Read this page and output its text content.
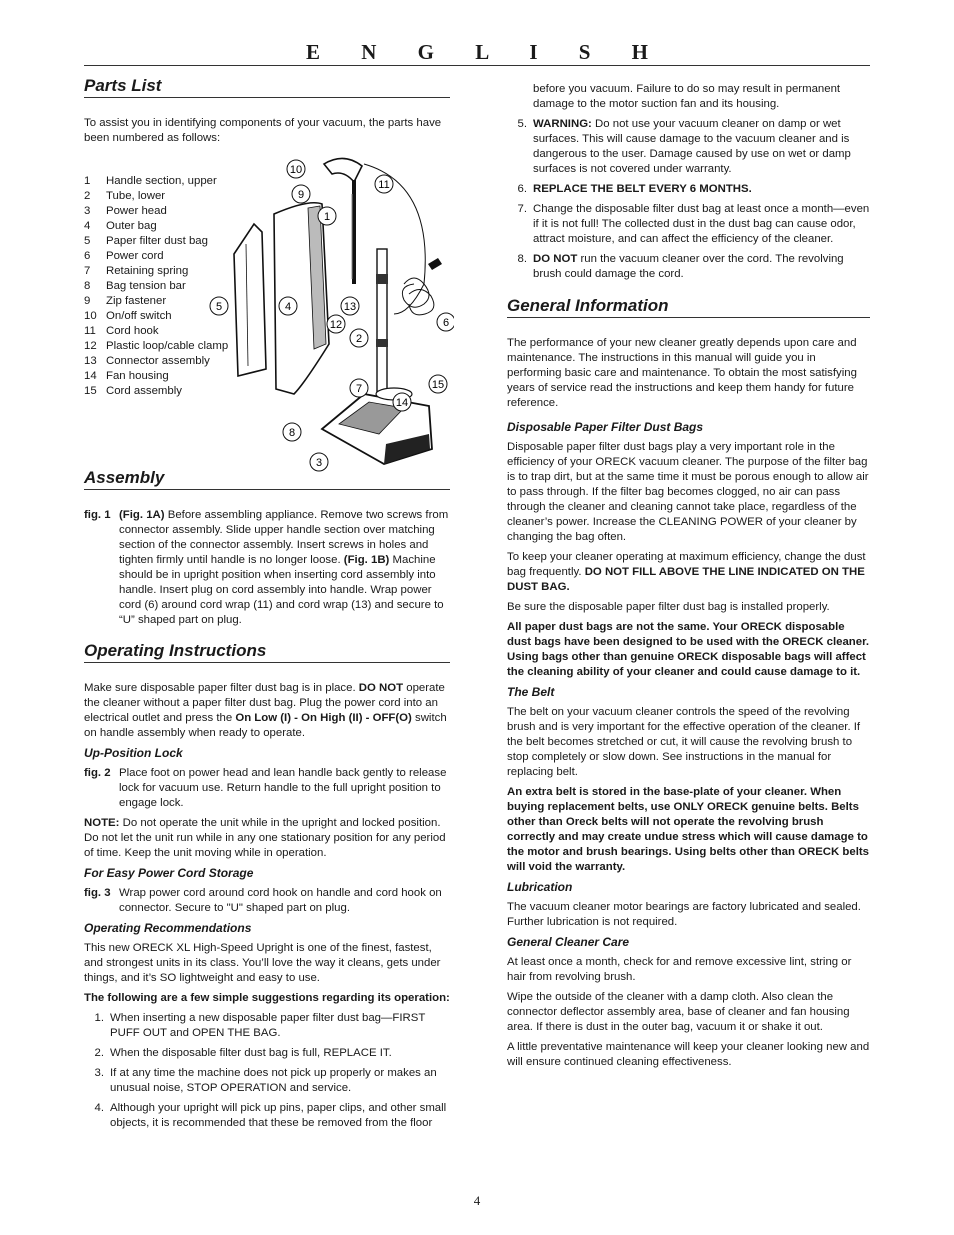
E N G L I S H
Parts List

To assist you in identifying components of your vacuum, the parts have been numbered as follows:

1	Handle section, upper
2	Tube, lower
3	Power head
4	Outer bag
5	Paper filter dust bag
6	Power cord
7	Retaining spring
8	Bag tension bar
9	Zip fastener
10 On/off switch
11 Cord hook
12 Plastic loop/cable clamp
13 Connector assembly
14 Fan housing
15 Cord assembly
1
2
3
4
5
6
7
8
9
10
11
12
13
14
15
Assembly
fig. 1 (Fig. 1A) Before assembling appliance. Remove two screws from connector assembly. Slide upper handle section over matching section of the connector assembly. Insert screws in holes and tighten firmly until handle is no longer loose. (Fig. 1B) Machine should be in upright position when inserting cord assembly into handle. Insert plug on cord assembly into handle. Wrap power cord (6) around cord wrap (11) and cord wrap (13) and secure to “U” shaped part on plug.
Operating Instructions

Make sure disposable paper filter dust bag is in place. DO NOT operate the cleaner without a paper filter dust bag. Plug the power cord into an electrical outlet and press the On Low (I) - On High (II) - OFF(O) switch on handle assembly when ready to operate.

Up-Position Lock
fig. 2 Place foot on power head and lean handle back gently to release lock for vacuum use. Return handle to the full upright position to engage lock.

NOTE: Do not operate the unit while in the upright and locked position. Do not let the unit run while in any one stationary position for any period of time. Keep the unit moving while in operation.

For Easy Power Cord Storage
fig. 3 Wrap power cord around cord hook on handle and cord hook on connector. Secure to "U" shaped part on plug.
Operating Recommendations

This new ORECK XL High-Speed Upright is one of the finest, fastest, and strongest units in its class. You’ll love the way it cleans, gets under things, and it’s SO lightweight and easy to use.

The following are a few simple suggestions regarding its operation:

1. When inserting a new disposable paper filter dust bag—FIRST PUFF OUT and OPEN THE BAG.
2. When the disposable filter dust bag is full, REPLACE IT.
3. If at any time the machine does not pick up properly or makes an unusual noise, STOP OPERATION and service.
4. Although your upright will pick up pins, paper clips, and other small objects, it is recommended that these be removed from the floor
before you vacuum. Failure to do so may result in permanent damage to the motor suction fan and its housing.
5. WARNING: Do not use your vacuum cleaner on damp or wet surfaces. This will cause damage to the vacuum cleaner and is dangerous to the user. Damage caused by use on wet or damp surfaces is not covered under warranty.
6. REPLACE THE BELT EVERY 6 MONTHS.
7. Change the disposable filter dust bag at least once a month—even if it is not full! The collected dust in the dust bag can cause odor, attract moisture, and can affect the efficiency of the cleaner.
8. DO NOT run the vacuum cleaner over the cord. The revolving brush could damage the cord.
General Information

The performance of your new cleaner greatly depends upon care and maintenance. The instructions in this manual will guide you in performing basic care and maintenance. To obtain the most satisfying years of service read the instructions and keep them handy for future reference.

Disposable Paper Filter Dust Bags

Disposable paper filter dust bags play a very important role in the efficiency of your ORECK vacuum cleaner. The purpose of the filter bag is to trap dirt, but at the same time it must be porous enough to allow air to pass through. If the filter bag becomes clogged, no air can pass through the cleaner and cleaning cannot take place, regardless of the cleaner’s power. Increase the CLEANING POWER of your cleaner by changing the bag often.

To keep your cleaner operating at maximum efficiency, change the dust bag frequently. DO NOT FILL ABOVE THE LINE INDICATED ON THE DUST BAG.

Be sure the disposable paper filter dust bag is installed properly.

All paper dust bags are not the same. Your ORECK disposable dust bags have been designed to be used with the ORECK cleaner. Using bags other than genuine ORECK disposable bags will affect the cleaning ability of your cleaner and could cause damage to it.

The Belt

The belt on your vacuum cleaner controls the speed of the revolving brush and is very important for the effective operation of the cleaner. If the belt becomes stretched or cut, it will cause the revolving brush to stop completely or slow down. See instructions in the manual for replacing belt.

An extra belt is stored in the base-plate of your cleaner. When buying replacement belts, use ONLY ORECK genuine belts. Belts other than Oreck belts will not operate the revolving brush correctly and may create undue stress which will cause damage to the motor and brush bearings. Using belts other than ORECK belts will void the warranty.

Lubrication

The vacuum cleaner motor bearings are factory lubricated and sealed. Further lubrication is not required.

General Cleaner Care

At least once a month, check for and remove excessive lint, string or hair from revolving brush.

Wipe the outside of the cleaner with a damp cloth. Also clean the connector deflector assembly area, base of cleaner and fan housing area. If there is dust in the outer bag, vacuum it or shake it out.

A little preventative maintenance will keep your cleaner looking new and will ensure continued cleaning effectiveness.

4
